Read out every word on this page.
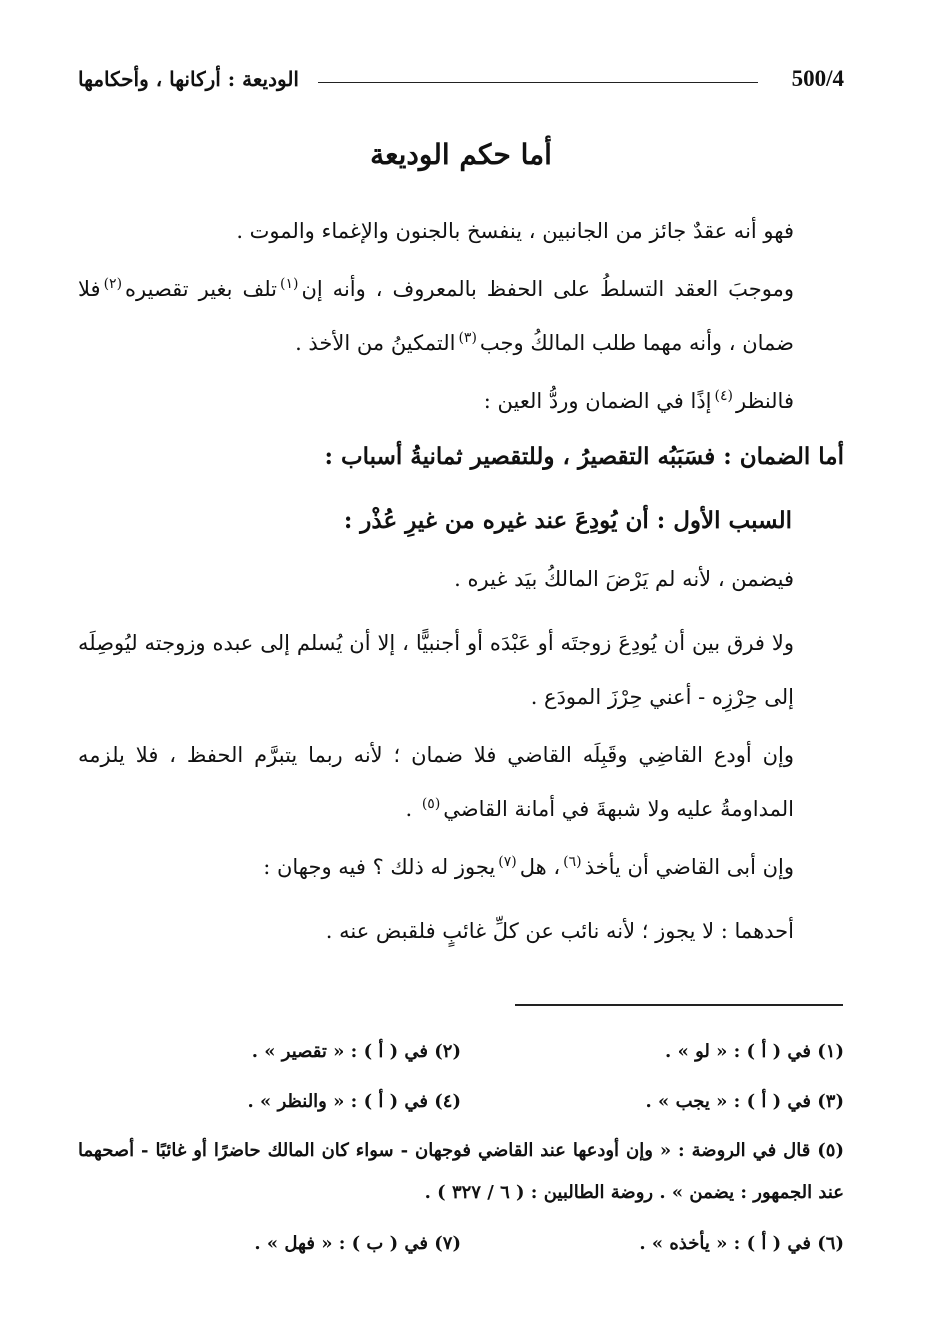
500/4
الوديعة : أركانها ، وأحكامها
أما حكم الوديعة
فهو أنه عقدٌ جائز من الجانبين ، ينفسخ بالجنون والإغماء والموت .
وموجبَ العقد التسلطُ على الحفظ بالمعروف ، وأنه إن$^{(١)}$تلف بغير تقصيره$^{(٢)}$فلا ضمان ، وأنه مهما طلب المالكُ وجب$^{(٣)}$التمكينُ من الأخذ .
فالنظر$^{(٤)}$إذًا في الضمان وردُّ العين :
أما الضمان : فسَبَبُه التقصيرُ ، وللتقصير ثمانيةُ أسباب :
السبب الأول : أن يُودِعَ عند غيره من غيرِ عُذْر :
فيضمن ، لأنه لم يَرْضَ المالكُ بيَد غيره .
ولا فرق بين أن يُودِعَ زوجتَه أو عَبْدَه أو أجنبيًّا ، إلا أن يُسلم إلى عبده وزوجته ليُوصِلَه إلى حِرْزِه - أعني حِرْزَ المودَع .
وإن أودع القاضِي وقَبِلَه القاضي فلا ضمان ؛ لأنه ربما يتبرَّم الحفظ ، فلا يلزمه المداومةُ عليه ولا شبهةَ في أمانة القاضي$^{(٥)}$ .
وإن أبى القاضي أن يأخذ$^{(٦)}$، هل$^{(٧)}$يجوز له ذلك ؟ فيه وجهان :
أحدهما : لا يجوز ؛ لأنه نائب عن كلِّ غائبٍ فلقبض عنه .
(١) في ( أ ) : « لو » .
(٢) في ( أ ) : « تقصير » .
(٣) في ( أ ) : « يجب » .
(٤) في ( أ ) : « والنظر » .
(٥) قال في الروضة : « وإن أودعها عند القاضي فوجهان - سواء كان المالك حاضرًا أو غائبًا - أصحهما عند الجمهور : يضمن » . روضة الطالبين : ( ٦ / ٣٢٧ ) .
(٦) في ( أ ) : « يأخذه » .
(٧) في ( ب ) : « فهل » .
